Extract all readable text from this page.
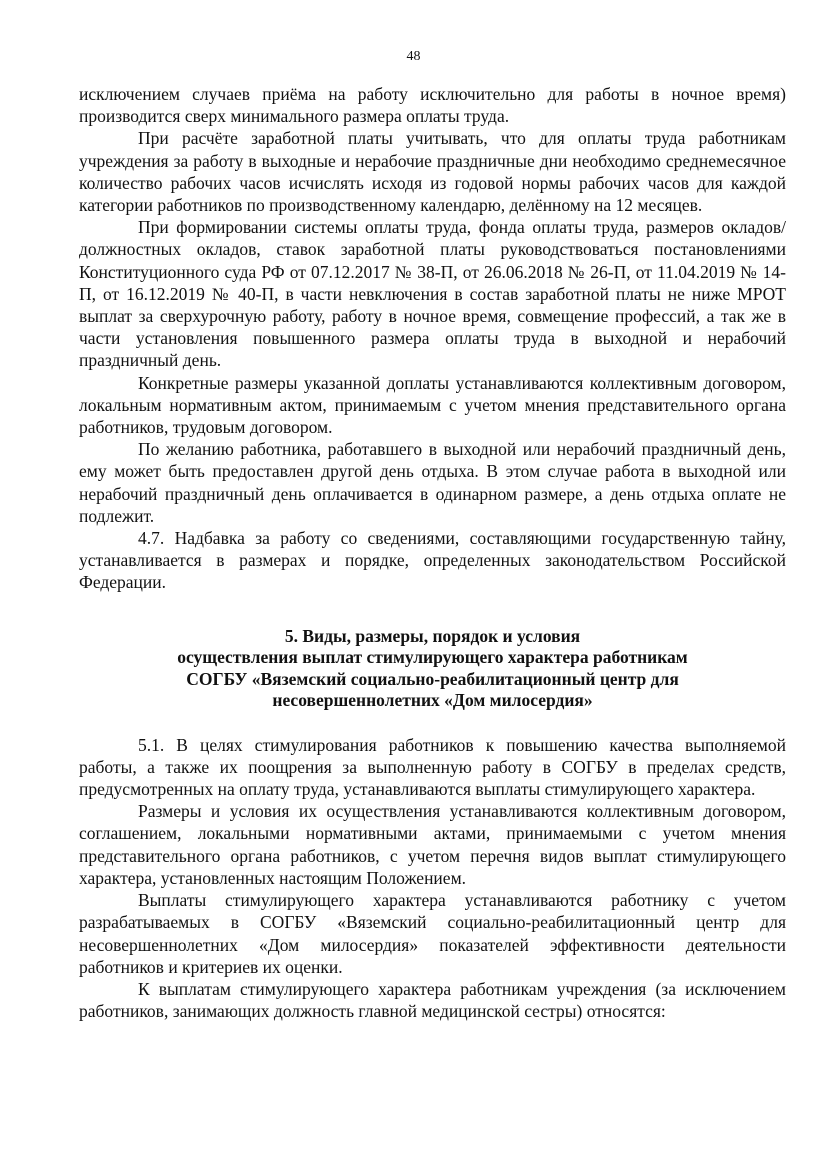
48

исключением случаев приёма на работу исключительно для работы в ночное время) производится сверх минимального размера оплаты труда.

При расчёте заработной платы учитывать, что для оплаты труда работникам учреждения за работу в выходные и нерабочие праздничные дни необходимо среднемесячное количество рабочих часов исчислять исходя из годовой нормы рабочих часов для каждой категории работников по производственному календарю, делённому на 12 месяцев.

При формировании системы оплаты труда, фонда оплаты труда, размеров окладов/должностных окладов, ставок заработной платы руководствоваться постановлениями Конституционного суда РФ от 07.12.2017 № 38-П, от 26.06.2018 № 26-П, от 11.04.2019 № 14-П, от 16.12.2019 № 40-П, в части невключения в состав заработной платы не ниже МРОТ выплат за сверхурочную работу, работу в ночное время, совмещение профессий, а так же в части установления повышенного размера оплаты труда в выходной и нерабочий праздничный день.

Конкретные размеры указанной доплаты устанавливаются коллективным договором, локальным нормативным актом, принимаемым с учетом мнения представительного органа работников, трудовым договором.

По желанию работника, работавшего в выходной или нерабочий праздничный день, ему может быть предоставлен другой день отдыха. В этом случае работа в выходной или нерабочий праздничный день оплачивается в одинарном размере, а день отдыха оплате не подлежит.

4.7. Надбавка за работу со сведениями, составляющими государственную тайну, устанавливается в размерах и порядке, определенных законодательством Российской Федерации.

5. Виды, размеры, порядок и условия
осуществления выплат стимулирующего характера работникам
СОГБУ «Вяземский социально-реабилитационный центр для
несовершеннолетних «Дом милосердия»

5.1. В целях стимулирования работников к повышению качества выполняемой работы, а также их поощрения за выполненную работу в СОГБУ в пределах средств, предусмотренных на оплату труда, устанавливаются выплаты стимулирующего характера.

Размеры и условия их осуществления устанавливаются коллективным договором, соглашением, локальными нормативными актами, принимаемыми с учетом мнения представительного органа работников, с учетом перечня видов выплат стимулирующего характера, установленных настоящим Положением.

Выплаты стимулирующего характера устанавливаются работнику с учетом разрабатываемых в СОГБУ «Вяземский социально-реабилитационный центр для несовершеннолетних «Дом милосердия» показателей эффективности деятельности работников и критериев их оценки.

К выплатам стимулирующего характера работникам учреждения (за исключением работников, занимающих должность главной медицинской сестры) относятся:
